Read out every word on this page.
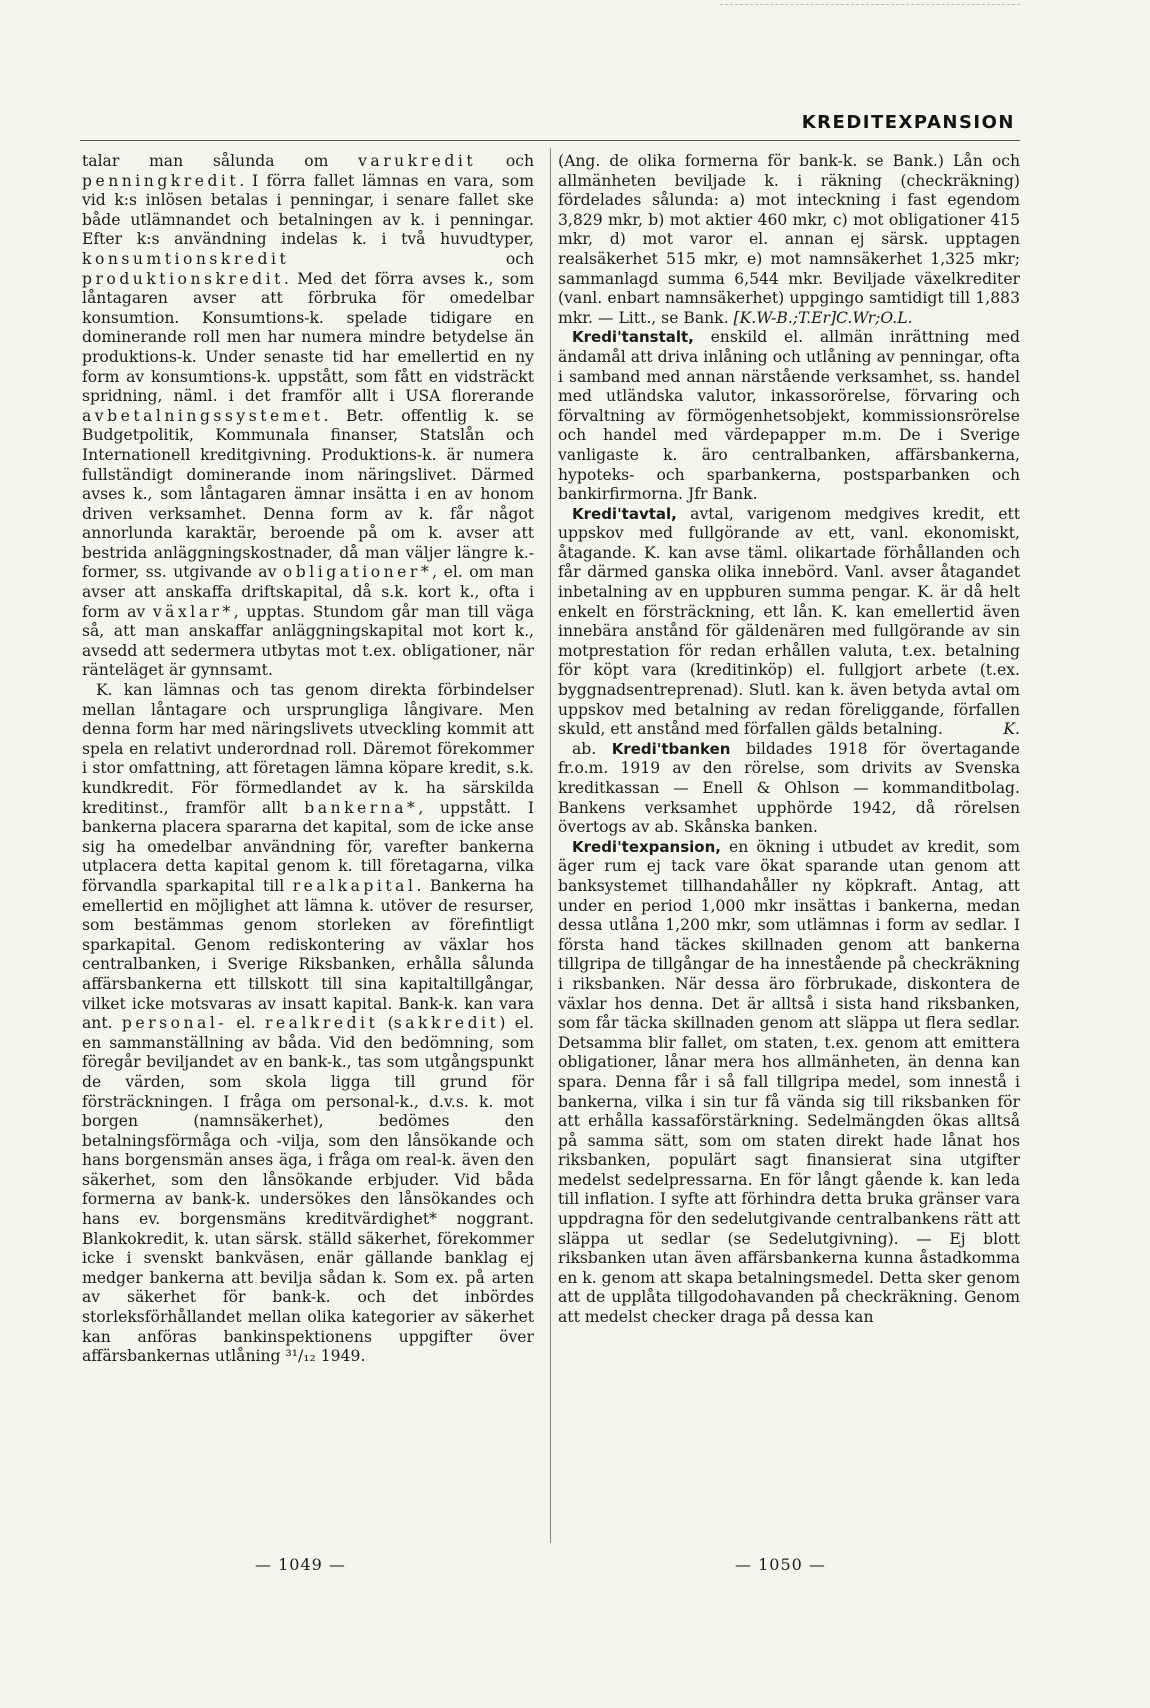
KREDITEXPANSION

talar man sålunda om varukredit och penningkredit. I förra fallet lämnas en vara, som vid k:s inlösen betalas i penningar, i senare fallet ske både utlämnandet och betalningen av k. i penningar. Efter k:s användning indelas k. i två huvudtyper, konsumtionskredit och produktionskredit. Med det förra avses k., som låntagaren avser att förbruka för omedelbar konsumtion. Konsumtions-k. spelade tidigare en dominerande roll men har numera mindre betydelse än produktions-k. Under senaste tid har emellertid en ny form av konsumtions-k. uppstått, som fått en vidsträckt spridning, näml. i det framför allt i USA florerande avbetalningssystemet. Betr. offentlig k. se Budgetpolitik, Kommunala finanser, Statslån och Internationell kreditgivning. Produktions-k. är numera fullständigt dominerande inom näringslivet. Därmed avses k., som låntagaren ämnar insätta i en av honom driven verksamhet. Denna form av k. får något annorlunda karaktär, beroende på om k. avser att bestrida anläggningskostnader, då man väljer längre k.-former, ss. utgivande av obligationer*, el. om man avser att anskaffa driftskapital, då s.k. kort k., ofta i form av växlar*, upptas. Stundom går man till väga så, att man anskaffar anläggningskapital mot kort k., avsedd att sedermera utbytas mot t.ex. obligationer, när ränteläget är gynnsamt.

K. kan lämnas och tas genom direkta förbindelser mellan låntagare och ursprungliga långivare. Men denna form har med näringslivets utveckling kommit att spela en relativt underordnad roll. Däremot förekommer i stor omfattning, att företagen lämna köpare kredit, s.k. kundkredit. För förmedlandet av k. ha särskilda kreditinst., framför allt bankerna*, uppstått. I bankerna placera spararna det kapital, som de icke anse sig ha omedelbar användning för, varefter bankerna utplacera detta kapital genom k. till företagarna, vilka förvandla sparkapital till realkapital. Bankerna ha emellertid en möjlighet att lämna k. utöver de resurser, som bestämmas genom storleken av förefintligt sparkapital. Genom rediskontering av växlar hos centralbanken, i Sverige Riksbanken, erhålla sålunda affärsbankerna ett tillskott till sina kapitaltillgångar, vilket icke motsvaras av insatt kapital. Bank-k. kan vara ant. personal- el. realkredit (sakkredit) el. en sammanställning av båda. Vid den bedömning, som föregår beviljandet av en bank-k., tas som utgångspunkt de värden, som skola ligga till grund för försträckningen. I fråga om personal-k., d.v.s. k. mot borgen (namnsäkerhet), bedömes den betalningsförmåga och -vilja, som den lånsökande och hans borgensmän anses äga, i fråga om real-k. även den säkerhet, som den lånsökande erbjuder. Vid båda formerna av bank-k. undersökes den lånsökandes och hans ev. borgensmäns kreditvärdighet* noggrant. Blankokredit, k. utan särsk. ställd säkerhet, förekommer icke i svenskt bankväsen, enär gällande banklag ej medger bankerna att bevilja sådan k. Som ex. på arten av säkerhet för bank-k. och det inbördes storleksförhållandet mellan olika kategorier av säkerhet kan anföras bankinspektionens uppgifter över affärsbankernas utlåning ³¹/₁₂ 1949.

(Ang. de olika formerna för bank-k. se Bank.) Lån och allmänheten beviljade k. i räkning (checkräkning) fördelades sålunda: a) mot inteckning i fast egendom 3,829 mkr, b) mot aktier 460 mkr, c) mot obligationer 415 mkr, d) mot varor el. annan ej särsk. upptagen realsäkerhet 515 mkr, e) mot namnsäkerhet 1,325 mkr; sammanlagd summa 6,544 mkr. Beviljade växelkrediter (vanl. enbart namnsäkerhet) uppgingo samtidigt till 1,883 mkr. — Litt., se Bank. [K.W-B.;T.Er]C.Wr;O.L.

Kredi'tanstalt, enskild el. allmän inrättning med ändamål att driva inlåning och utlåning av penningar, ofta i samband med annan närstående verksamhet, ss. handel med utländska valutor, inkassorörelse, förvaring och förvaltning av förmögenhetsobjekt, kommissionsrörelse och handel med värdepapper m.m. De i Sverige vanligaste k. äro centralbanken, affärsbankerna, hypoteks- och sparbankerna, postsparbanken och bankirfirmorna. Jfr Bank.

Kredi'tavtal, avtal, varigenom medgives kredit, ett uppskov med fullgörande av ett, vanl. ekonomiskt, åtagande. K. kan avse täml. olikartade förhållanden och får därmed ganska olika innebörd. Vanl. avser åtagandet inbetalning av en uppburen summa pengar. K. är då helt enkelt en försträckning, ett lån. K. kan emellertid även innebära anstånd för gäldenären med fullgörande av sin motprestation för redan erhållen valuta, t.ex. betalning för köpt vara (kreditinköp) el. fullgjort arbete (t.ex. byggnadsentreprenad). Slutl. kan k. även betyda avtal om uppskov med betalning av redan föreliggande, förfallen skuld, ett anstånd med förfallen gälds betalning.	K.

ab. Kredi'tbanken bildades 1918 för övertagande fr.o.m. 1919 av den rörelse, som drivits av Svenska kreditkassan — Enell & Ohlson — kommanditbolag. Bankens verksamhet upphörde 1942, då rörelsen övertogs av ab. Skånska banken.

Kredi'texpansion, en ökning i utbudet av kredit, som äger rum ej tack vare ökat sparande utan genom att banksystemet tillhandahåller ny köpkraft. Antag, att under en period 1,000 mkr insättas i bankerna, medan dessa utlåna 1,200 mkr, som utlämnas i form av sedlar. I första hand täckes skillnaden genom att bankerna tillgripa de tillgångar de ha innestående på checkräkning i riksbanken. När dessa äro förbrukade, diskontera de växlar hos denna. Det är alltså i sista hand riksbanken, som får täcka skillnaden genom att släppa ut flera sedlar. Detsamma blir fallet, om staten, t.ex. genom att emittera obligationer, lånar mera hos allmänheten, än denna kan spara. Denna får i så fall tillgripa medel, som innestå i bankerna, vilka i sin tur få vända sig till riksbanken för att erhålla kassaförstärkning. Sedelmängden ökas alltså på samma sätt, som om staten direkt hade lånat hos riksbanken, populärt sagt finansierat sina utgifter medelst sedelpressarna. En för långt gående k. kan leda till inflation. I syfte att förhindra detta bruka gränser vara uppdragna för den sedelutgivande centralbankens rätt att släppa ut sedlar (se Sedelutgivning). — Ej blott riksbanken utan även affärsbankerna kunna åstadkomma en k. genom att skapa betalningsmedel. Detta sker genom att de upplåta tillgodohavanden på checkräkning. Genom att medelst checker draga på dessa kan

— 1049 —	— 1050 —
